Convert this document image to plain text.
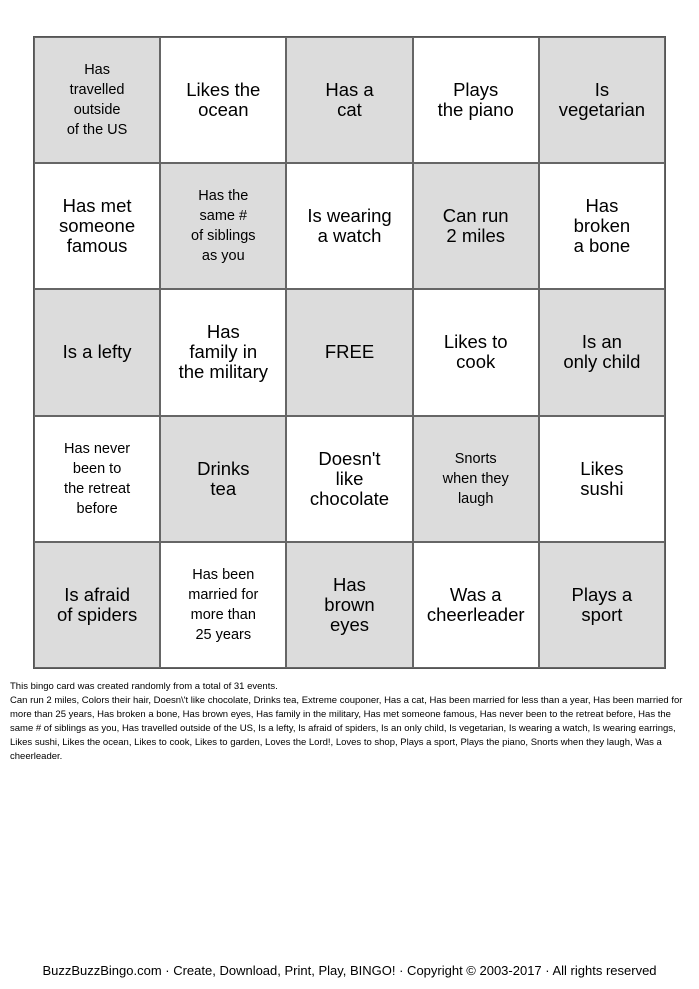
Has
travelled
outside
of the US
Likes the
ocean
Has a
cat
Plays
the piano
Is
vegetarian
Has met
someone
famous
Has the
same #
of siblings
as you
Is wearing
a watch
Can run
2 miles
Has
broken
a bone
Is a lefty
Has
family in
the military
FREE	Likes to
cook
Is an
only child
Has never
been to
the retreat
before
Drinks
tea
Doesn't
like
chocolate
Snorts
when they
laugh
Likes
sushi
Is afraid
of spiders
Has been
married for
more than
25 years
Has
brown
eyes
Was a
cheerleader
Plays a
sport
This bingo card was created randomly from a total of 31 events.
Can run 2 miles, Colors their hair, Doesn\'t like chocolate, Drinks tea, Extreme couponer, Has a cat, Has been married for less than a year, Has been married for more than 25 years, Has broken a bone, Has brown eyes, Has family in the military, Has met someone famous, Has never been to the retreat before, Has the same # of siblings as you, Has travelled outside of the US, Is a lefty, Is afraid of spiders, Is an only child, Is vegetarian, Is wearing a watch, Is wearing earrings, Likes sushi, Likes the ocean, Likes to cook, Likes to garden, Loves the Lord!, Loves to shop, Plays a sport, Plays the piano, Snorts when they laugh, Was a cheerleader.
BuzzBuzzBingo.com · Create, Download, Print, Play, BINGO! · Copyright © 2003-2017 · All rights reserved
